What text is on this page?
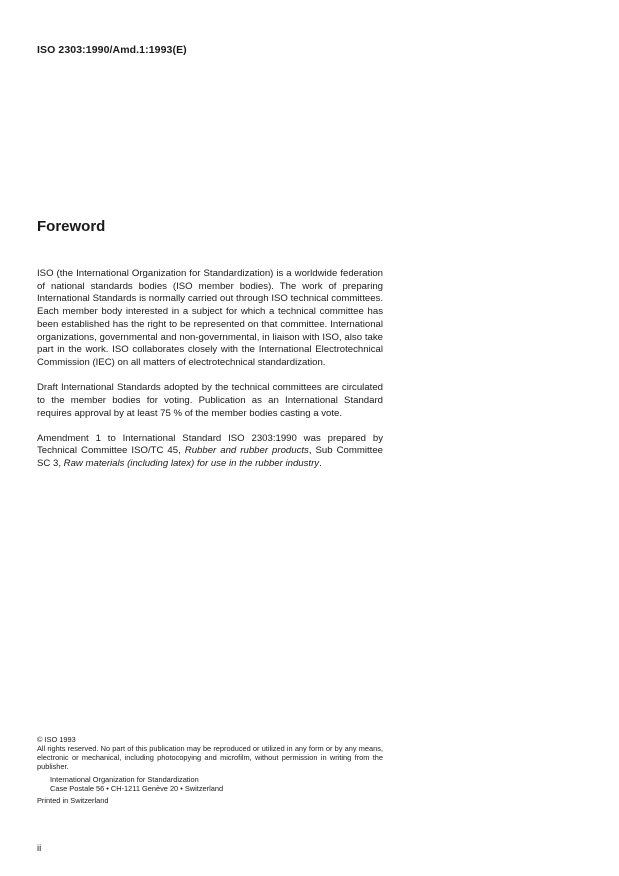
ISO 2303:1990/Amd.1:1993(E)
Foreword

ISO (the International Organization for Standardization) is a worldwide federation of national standards bodies (ISO member bodies). The work of preparing International Standards is normally carried out through ISO technical committees. Each member body interested in a subject for which a technical committee has been established has the right to be represented on that committee. International organizations, governmental and non-governmental, in liaison with ISO, also take part in the work. ISO collaborates closely with the International Electrotechnical Commission (IEC) on all matters of electrotechnical standardization.

Draft International Standards adopted by the technical committees are circulated to the member bodies for voting. Publication as an International Standard requires approval by at least 75 % of the member bodies casting a vote.

Amendment 1 to International Standard ISO 2303:1990 was prepared by Technical Committee ISO/TC 45, Rubber and rubber products, Sub Committee SC 3, Raw materials (including latex) for use in the rubber industry.

© ISO 1993
All rights reserved. No part of this publication may be reproduced or utilized in any form or by any means, electronic or mechanical, including photocopying and microfilm, without permission in writing from the publisher.
International Organization for Standardization
Case Postale 56 • CH-1211 Genève 20 • Switzerland
Printed in Switzerland
ii
